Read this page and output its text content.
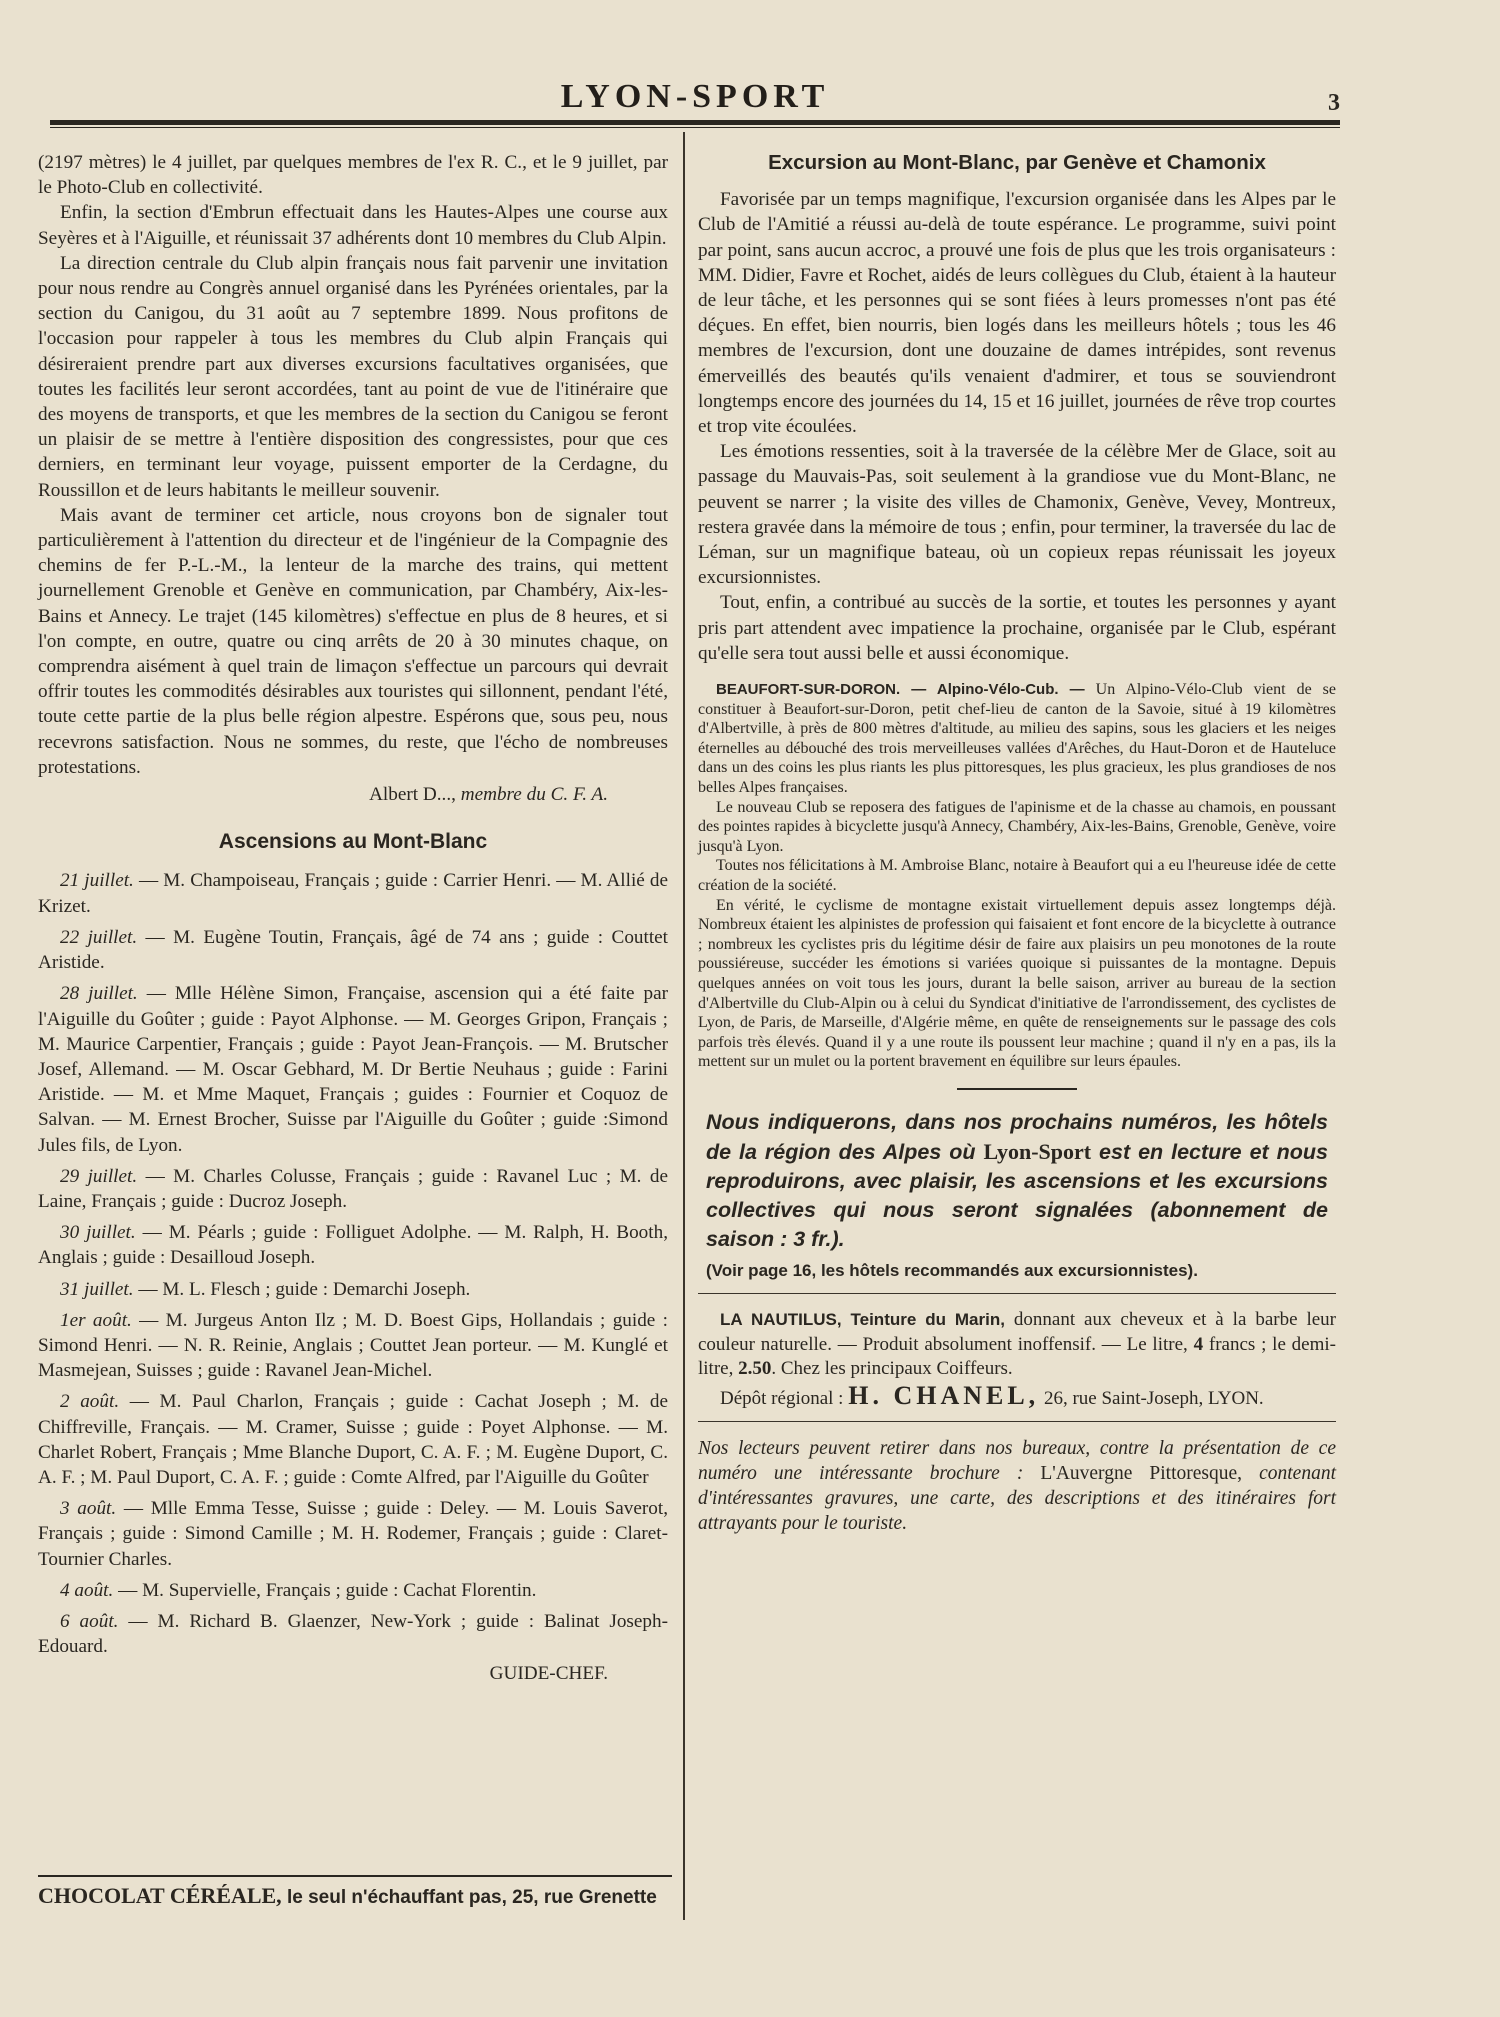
LYON-SPORT	3

(2197 mètres) le 4 juillet, par quelques membres de l'ex R. C., et le 9 juillet, par le Photo-Club en collectivité.

Enfin, la section d'Embrun effectuait dans les Hautes-Alpes une course aux Seyères et à l'Aiguille, et réunissait 37 adhérents dont 10 membres du Club Alpin.

La direction centrale du Club alpin français nous fait parvenir une invitation pour nous rendre au Congrès annuel organisé dans les Pyrénées orientales, par la section du Canigou, du 31 août au 7 septembre 1899. Nous profitons de l'occasion pour rappeler à tous les membres du Club alpin Français qui désireraient prendre part aux diverses excursions facultatives organisées, que toutes les facilités leur seront accordées, tant au point de vue de l'itinéraire que des moyens de transports, et que les membres de la section du Canigou se feront un plaisir de se mettre à l'entière disposition des congressistes, pour que ces derniers, en terminant leur voyage, puissent emporter de la Cerdagne, du Roussillon et de leurs habitants le meilleur souvenir.

Mais avant de terminer cet article, nous croyons bon de signaler tout particulièrement à l'attention du directeur et de l'ingénieur de la Compagnie des chemins de fer P.-L.-M., la lenteur de la marche des trains, qui mettent journellement Grenoble et Genève en communication, par Chambéry, Aix-les-Bains et Annecy. Le trajet (145 kilomètres) s'effectue en plus de 8 heures, et si l'on compte, en outre, quatre ou cinq arrêts de 20 à 30 minutes chaque, on comprendra aisément à quel train de limaçon s'effectue un parcours qui devrait offrir toutes les commodités désirables aux touristes qui sillonnent, pendant l'été, toute cette partie de la plus belle région alpestre. Espérons que, sous peu, nous recevrons satisfaction. Nous ne sommes, du reste, que l'écho de nombreuses protestations.

Albert D..., membre du C. F. A.

Ascensions au Mont-Blanc

21 juillet. — M. Champoiseau, Français ; guide : Carrier Henri. — M. Allié de Krizet.

22 juillet. — M. Eugène Toutin, Français, âgé de 74 ans ; guide : Couttet Aristide.

28 juillet. — Mlle Hélène Simon, Française, ascension qui a été faite par l'Aiguille du Goûter ; guide : Payot Alphonse. — M. Georges Gripon, Français ; M. Maurice Carpentier, Français ; guide : Payot Jean-François. — M. Brutscher Josef, Allemand. — M. Oscar Gebhard, M. Dr Bertie Neuhaus ; guide : Farini Aristide. — M. et Mme Maquet, Français ; guides : Fournier et Coquoz de Salvan. — M. Ernest Brocher, Suisse par l'Aiguille du Goûter ; guide :Simond Jules fils, de Lyon.

29 juillet. — M. Charles Colusse, Français ; guide : Ravanel Luc ; M. de Laine, Français ; guide : Ducroz Joseph.

30 juillet. — M. Péarls ; guide : Folliguet Adolphe. — M. Ralph, H. Booth, Anglais ; guide : Desailloud Joseph.

31 juillet. — M. L. Flesch ; guide : Demarchi Joseph.

1er août. — M. Jurgeus Anton Ilz ; M. D. Boest Gips, Hollandais ; guide : Simond Henri. — N. R. Reinie, Anglais ; Couttet Jean porteur. — M. Kunglé et Masmejean, Suisses ; guide : Ravanel Jean-Michel.

2 août. — M. Paul Charlon, Français ; guide : Cachat Joseph ; M. de Chiffreville, Français. — M. Cramer, Suisse ; guide : Poyet Alphonse. — M. Charlet Robert, Français ; Mme Blanche Duport, C. A. F. ; M. Eugène Duport, C. A. F. ; M. Paul Duport, C. A. F. ; guide : Comte Alfred, par l'Aiguille du Goûter

3 août. — Mlle Emma Tesse, Suisse ; guide : Deley. — M. Louis Saverot, Français ; guide : Simond Camille ; M. H. Rodemer, Français ; guide : Claret-Tournier Charles.

4 août. — M. Supervielle, Français ; guide : Cachat Florentin.

6 août. — M. Richard B. Glaenzer, New-York ; guide : Balinat Joseph-Edouard.

GUIDE-CHEF.

CHOCOLAT CÉRÉALE, le seul n'échauffant pas, 25, rue Grenette
Excursion au Mont-Blanc, par Genève et Chamonix

Favorisée par un temps magnifique, l'excursion organisée dans les Alpes par le Club de l'Amitié a réussi au-delà de toute espérance. Le programme, suivi point par point, sans aucun accroc, a prouvé une fois de plus que les trois organisateurs : MM. Didier, Favre et Rochet, aidés de leurs collègues du Club, étaient à la hauteur de leur tâche, et les personnes qui se sont fiées à leurs promesses n'ont pas été déçues. En effet, bien nourris, bien logés dans les meilleurs hôtels ; tous les 46 membres de l'excursion, dont une douzaine de dames intrépides, sont revenus émerveillés des beautés qu'ils venaient d'admirer, et tous se souviendront longtemps encore des journées du 14, 15 et 16 juillet, journées de rêve trop courtes et trop vite écoulées.

Les émotions ressenties, soit à la traversée de la célèbre Mer de Glace, soit au passage du Mauvais-Pas, soit seulement à la grandiose vue du Mont-Blanc, ne peuvent se narrer ; la visite des villes de Chamonix, Genève, Vevey, Montreux, restera gravée dans la mémoire de tous ; enfin, pour terminer, la traversée du lac de Léman, sur un magnifique bateau, où un copieux repas réunissait les joyeux excursionnistes.

Tout, enfin, a contribué au succès de la sortie, et toutes les personnes y ayant pris part attendent avec impatience la prochaine, organisée par le Club, espérant qu'elle sera tout aussi belle et aussi économique.

BEAUFORT-SUR-DORON. — Alpino-Vélo-Cub. — Un Alpino-Vélo-Club vient de se constituer à Beaufort-sur-Doron, petit chef-lieu de canton de la Savoie, situé à 19 kilomètres d'Albertville, à près de 800 mètres d'altitude, au milieu des sapins, sous les glaciers et les neiges éternelles au débouché des trois merveilleuses vallées d'Arêches, du Haut-Doron et de Hauteluce dans un des coins les plus riants les plus pittoresques, les plus gracieux, les plus grandioses de nos belles Alpes françaises.

Le nouveau Club se reposera des fatigues de l'apinisme et de la chasse au chamois, en poussant des pointes rapides à bicyclette jusqu'à Annecy, Chambéry, Aix-les-Bains, Grenoble, Genève, voire jusqu'à Lyon.

Toutes nos félicitations à M. Ambroise Blanc, notaire à Beaufort qui a eu l'heureuse idée de cette création de la société.

En vérité, le cyclisme de montagne existait virtuellement depuis assez longtemps déjà. Nombreux étaient les alpinistes de profession qui faisaient et font encore de la bicyclette à outrance ; nombreux les cyclistes pris du légitime désir de faire aux plaisirs un peu monotones de la route poussiéreuse, succéder les émotions si variées quoique si puissantes de la montagne. Depuis quelques années on voit tous les jours, durant la belle saison, arriver au bureau de la section d'Albertville du Club-Alpin ou à celui du Syndicat d'initiative de l'arrondissement, des cyclistes de Lyon, de Paris, de Marseille, d'Algérie même, en quête de renseignements sur le passage des cols parfois très élevés. Quand il y a une route ils poussent leur machine ; quand il n'y en a pas, ils la mettent sur un mulet ou la portent bravement en équilibre sur leurs épaules.

Nous indiquerons, dans nos prochains numéros, les hôtels de la région des Alpes où Lyon-Sport est en lecture et nous reproduirons, avec plaisir, les ascensions et les excursions collectives qui nous seront signalées (abonnement de saison : 3 fr.).
(Voir page 16, les hôtels recommandés aux excursionnistes).

LA NAUTILUS, Teinture du Marin, donnant aux cheveux et à la barbe leur couleur naturelle. — Produit absolument inoffensif. — Le litre, 4 francs ; le demi-litre, 2.50. Chez les principaux Coiffeurs.

Dépôt régional : H. CHANEL, 26, rue Saint-Joseph, LYON.

Nos lecteurs peuvent retirer dans nos bureaux, contre la présentation de ce numéro une intéressante brochure : L'Auvergne Pittoresque, contenant d'intéressantes gravures, une carte, des descriptions et des itinéraires fort attrayants pour le touriste.
